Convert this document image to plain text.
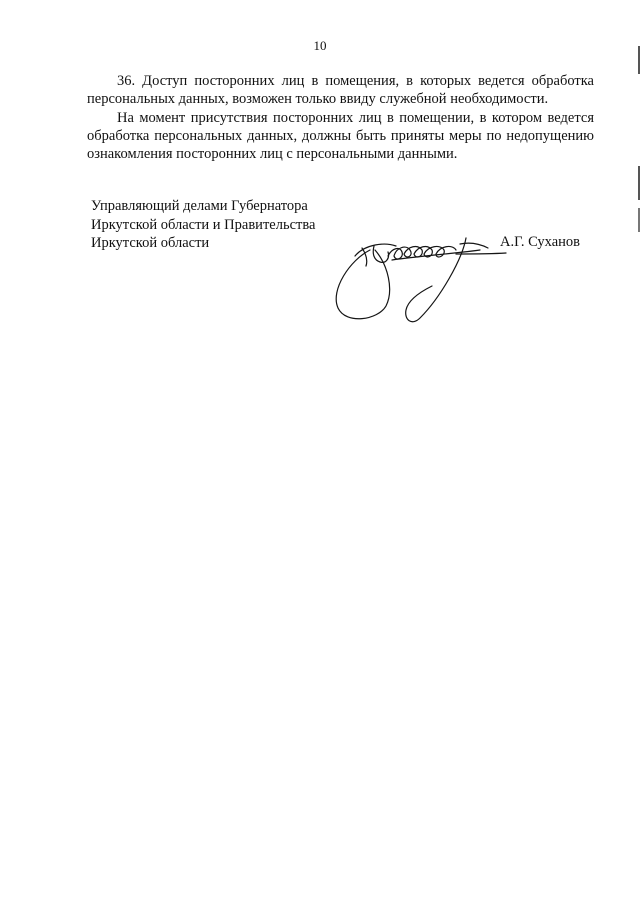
10

36. Доступ посторонних лиц в помещения, в которых ведется обработка персональных данных, возможен только ввиду служебной необходимости.

На момент присутствия посторонних лиц в помещении, в котором ведется обработка персональных данных, должны быть приняты меры по недопущению ознакомления посторонних лиц с персональными данными.

Управляющий делами Губернатора
Иркутской области и Правительства
Иркутской области	А.Г. Суханов
